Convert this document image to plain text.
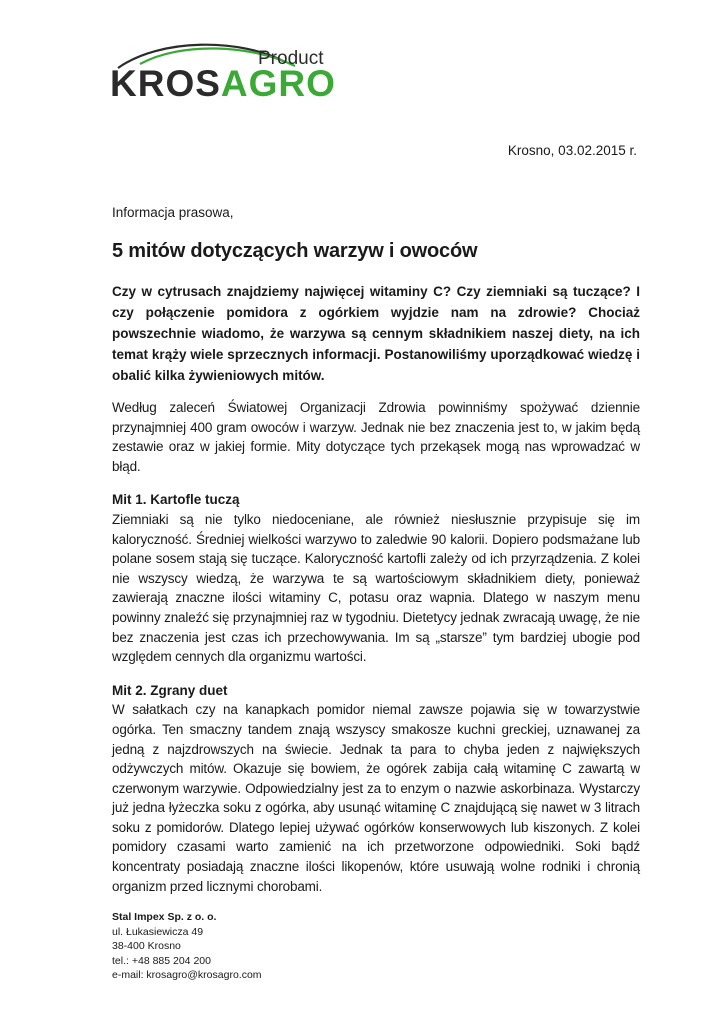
Product
KROSAGRO
Krosno, 03.02.2015 r.

Informacja prasowa,

5 mitów dotyczących warzyw i owoców

Czy w cytrusach znajdziemy najwięcej witaminy C? Czy ziemniaki są tuczące? I czy połączenie pomidora z ogórkiem wyjdzie nam na zdrowie? Chociaż powszechnie wiadomo, że warzywa są cennym składnikiem naszej diety, na ich temat krąży wiele sprzecznych informacji. Postanowiliśmy uporządkować wiedzę i obalić kilka żywieniowych mitów.

Według zaleceń Światowej Organizacji Zdrowia powinniśmy spożywać dziennie przynajmniej 400 gram owoców i warzyw. Jednak nie bez znaczenia jest to, w jakim będą zestawie oraz w jakiej formie. Mity dotyczące tych przekąsek mogą nas wprowadzać w błąd.

Mit 1. Kartofle tuczą

Ziemniaki są nie tylko niedoceniane, ale również niesłusznie przypisuje się im kaloryczność. Średniej wielkości warzywo to zaledwie 90 kalorii. Dopiero podsmażane lub polane sosem stają się tuczące. Kaloryczność kartofli zależy od ich przyrządzenia. Z kolei nie wszyscy wiedzą, że warzywa te są wartościowym składnikiem diety, ponieważ zawierają znaczne ilości witaminy C, potasu oraz wapnia. Dlatego w naszym menu powinny znaleźć się przynajmniej raz w tygodniu. Dietetycy jednak zwracają uwagę, że nie bez znaczenia jest czas ich przechowywania. Im są „starsze” tym bardziej ubogie pod względem cennych dla organizmu wartości.

Mit 2. Zgrany duet

W sałatkach czy na kanapkach pomidor niemal zawsze pojawia się w towarzystwie ogórka. Ten smaczny tandem znają wszyscy smakosze kuchni greckiej, uznawanej za jedną z najzdrowszych na świecie. Jednak ta para to chyba jeden z największych odżywczych mitów. Okazuje się bowiem, że ogórek zabija całą witaminę C zawartą w czerwonym warzywie. Odpowiedzialny jest za to enzym o nazwie askorbinaza. Wystarczy już jedna łyżeczka soku z ogórka, aby usunąć witaminę C znajdującą się nawet w 3 litrach soku z pomidorów. Dlatego lepiej używać ogórków konserwowych lub kiszonych. Z kolei pomidory czasami warto zamienić na ich przetworzone odpowiedniki. Soki bądź koncentraty posiadają znaczne ilości likopenów, które usuwają wolne rodniki i chronią organizm przed licznymi chorobami.

Stal Impex Sp. z o. o.
ul. Łukasiewicza 49
38-400 Krosno
tel.: +48 885 204 200
e-mail: krosagro@krosagro.com
